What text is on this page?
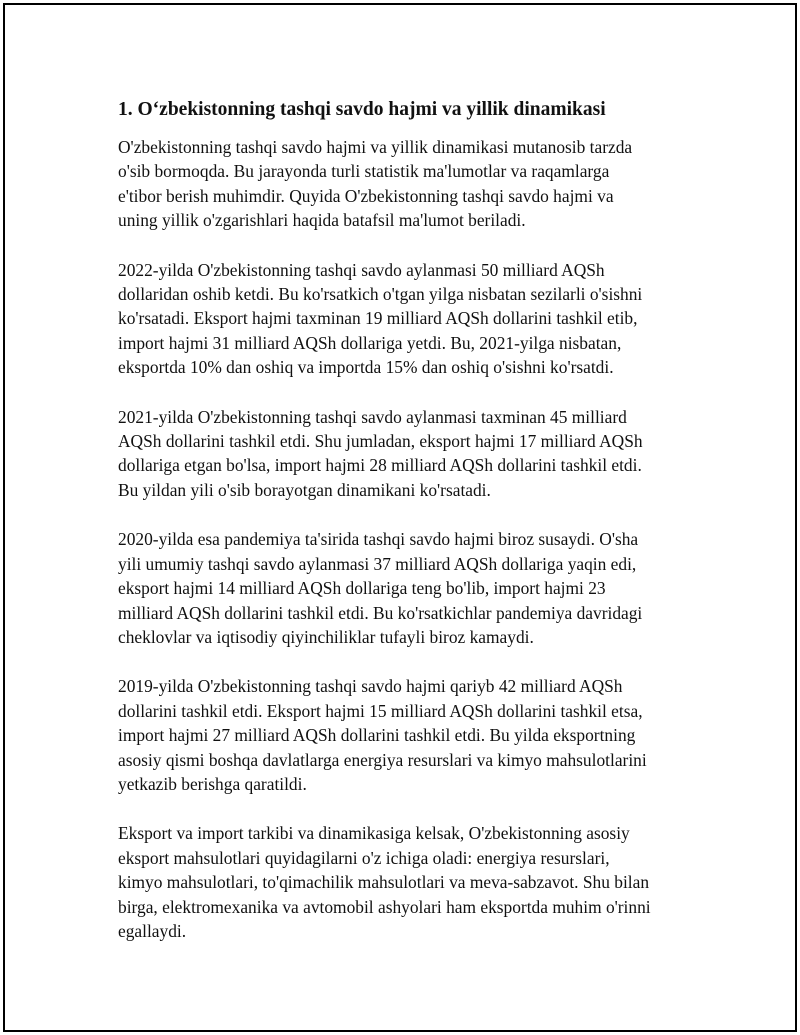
1. O‘zbekistonning tashqi savdo hajmi va yillik dinamikasi

O'zbekistonning tashqi savdo hajmi va yillik dinamikasi mutanosib tarzda
o'sib bormoqda. Bu jarayonda turli statistik ma'lumotlar va raqamlarga
e'tibor berish muhimdir. Quyida O'zbekistonning tashqi savdo hajmi va
uning yillik o'zgarishlari haqida batafsil ma'lumot beriladi.

2022-yilda O'zbekistonning tashqi savdo aylanmasi 50 milliard AQSh
dollaridan oshib ketdi. Bu ko'rsatkich o'tgan yilga nisbatan sezilarli o'sishni
ko'rsatadi. Eksport hajmi taxminan 19 milliard AQSh dollarini tashkil etib,
import hajmi 31 milliard AQSh dollariga yetdi. Bu, 2021-yilga nisbatan,
eksportda 10% dan oshiq va importda 15% dan oshiq o'sishni ko'rsatdi.

2021-yilda O'zbekistonning tashqi savdo aylanmasi taxminan 45 milliard
AQSh dollarini tashkil etdi. Shu jumladan, eksport hajmi 17 milliard AQSh
dollariga etgan bo'lsa, import hajmi 28 milliard AQSh dollarini tashkil etdi.
Bu yildan yili o'sib borayotgan dinamikani ko'rsatadi.

2020-yilda esa pandemiya ta'sirida tashqi savdo hajmi biroz susaydi. O'sha
yili umumiy tashqi savdo aylanmasi 37 milliard AQSh dollariga yaqin edi,
eksport hajmi 14 milliard AQSh dollariga teng bo'lib, import hajmi 23
milliard AQSh dollarini tashkil etdi. Bu ko'rsatkichlar pandemiya davridagi
cheklovlar va iqtisodiy qiyinchiliklar tufayli biroz kamaydi.

2019-yilda O'zbekistonning tashqi savdo hajmi qariyb 42 milliard AQSh
dollarini tashkil etdi. Eksport hajmi 15 milliard AQSh dollarini tashkil etsa,
import hajmi 27 milliard AQSh dollarini tashkil etdi. Bu yilda eksportning
asosiy qismi boshqa davlatlarga energiya resurslari va kimyo mahsulotlarini
yetkazib berishga qaratildi.

Eksport va import tarkibi va dinamikasiga kelsak, O'zbekistonning asosiy
eksport mahsulotlari quyidagilarni o'z ichiga oladi: energiya resurslari,
kimyo mahsulotlari, to'qimachilik mahsulotlari va meva-sabzavot. Shu bilan
birga, elektromexanika va avtomobil ashyolari ham eksportda muhim o'rinni
egallaydi.
